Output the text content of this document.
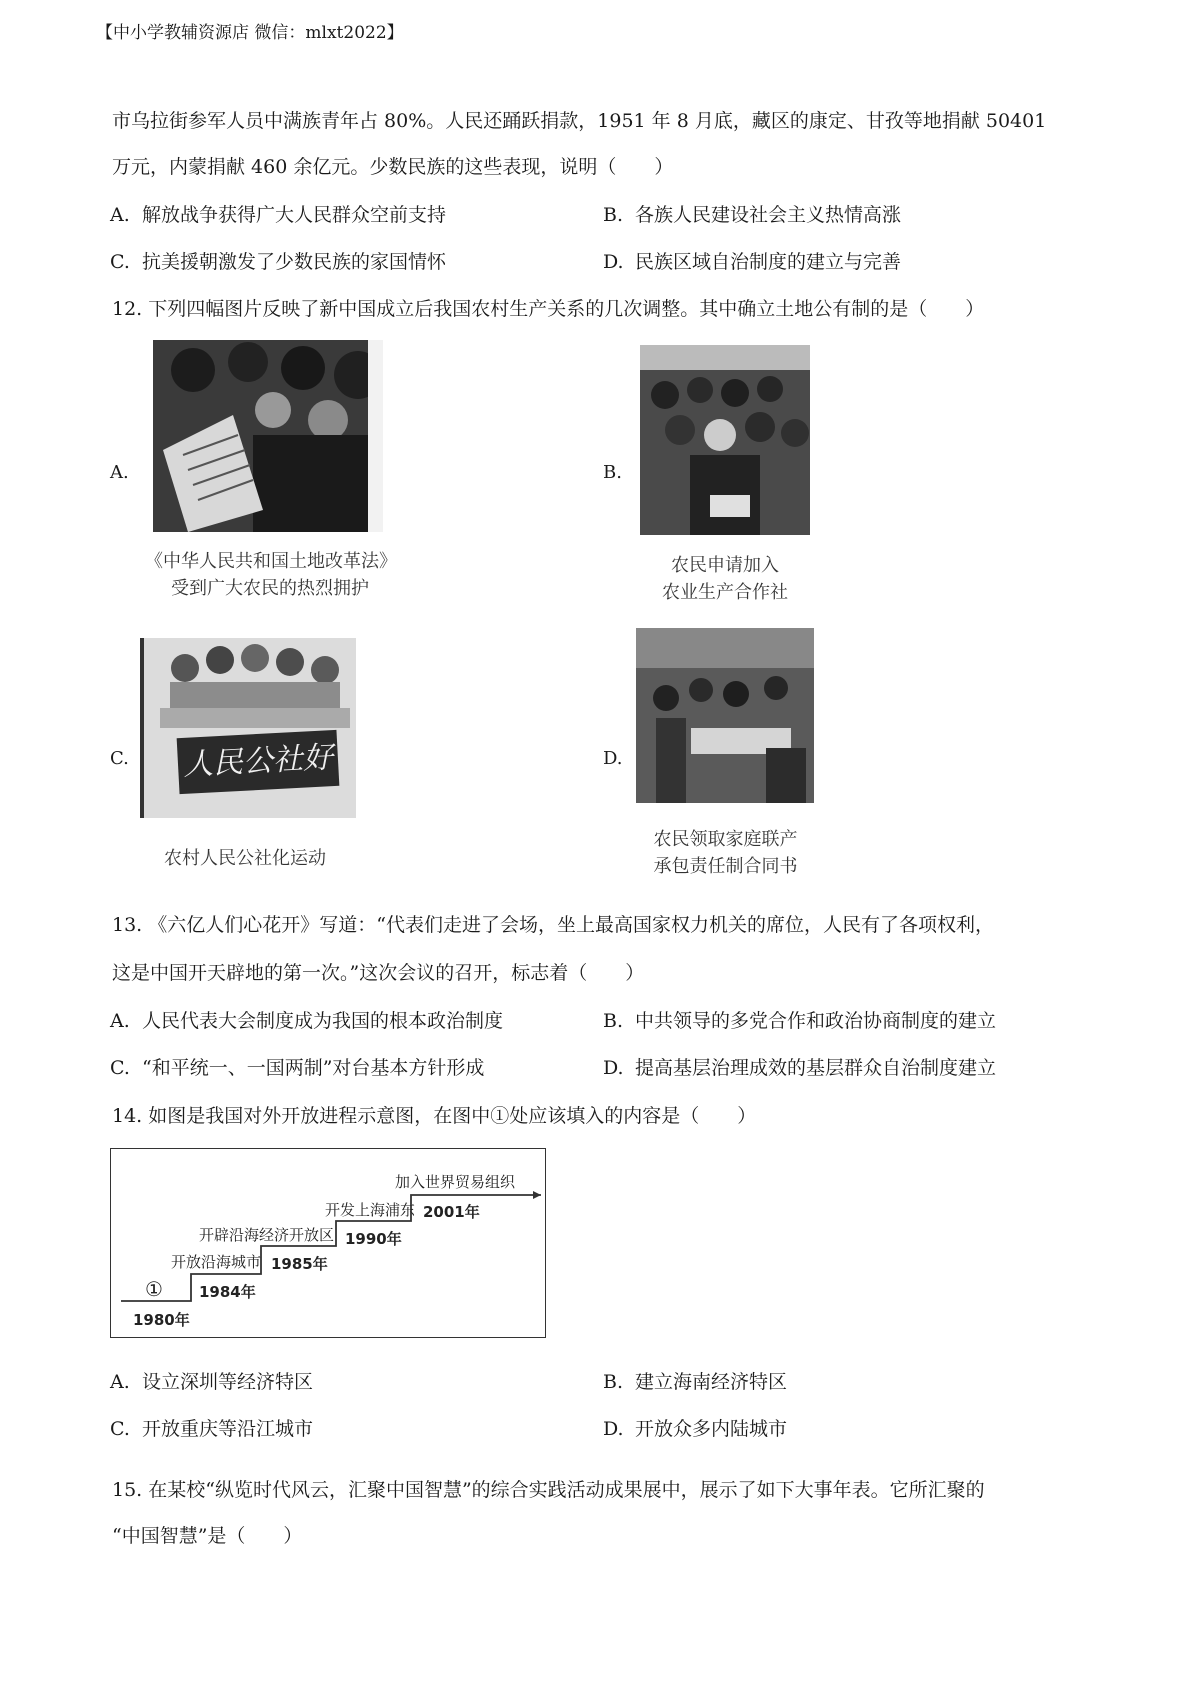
【中小学教辅资源店 微信：mlxt2022】
市乌拉街参军人员中满族青年占 80%。人民还踊跃捐款，1951 年 8 月底，藏区的康定、甘孜等地捐献 50401
万元，内蒙捐献 460 余亿元。少数民族的这些表现，说明（　　）
A. 解放战争获得广大人民群众空前支持	B. 各族人民建设社会主义热情高涨
C. 抗美援朝激发了少数民族的家国情怀	D. 民族区域自治制度的建立与完善
12. 下列四幅图片反映了新中国成立后我国农村生产关系的几次调整。其中确立土地公有制的是（　　）
A.
《中华人民共和国土地改革法》
受到广大农民的热烈拥护
B.
农民申请加入
农业生产合作社
C. 人民公社好
农村人民公社化运动
D.
农民领取家庭联产
承包责任制合同书
13. 《六亿人们心花开》写道：“代表们走进了会场，坐上最高国家权力机关的席位，人民有了各项权利，
这是中国开天辟地的第一次。”这次会议的召开，标志着（　　）
A. 人民代表大会制度成为我国的根本政治制度	B. 中共领导的多党合作和政治协商制度的建立
C. “和平统一、一国两制”对台基本方针形成	D. 提高基层治理成效的基层群众自治制度建立
14. 如图是我国对外开放进程示意图，在图中①处应该填入的内容是（　　）
①
1980年
开放沿海城市
1984年
开辟沿海经济开放区
1985年
开发上海浦东
1990年
加入世界贸易组织
2001年
A. 设立深圳等经济特区	B. 建立海南经济特区
C. 开放重庆等沿江城市	D. 开放众多内陆城市
15. 在某校“纵览时代风云，汇聚中国智慧”的综合实践活动成果展中，展示了如下大事年表。它所汇聚的
“中国智慧”是（　　）
